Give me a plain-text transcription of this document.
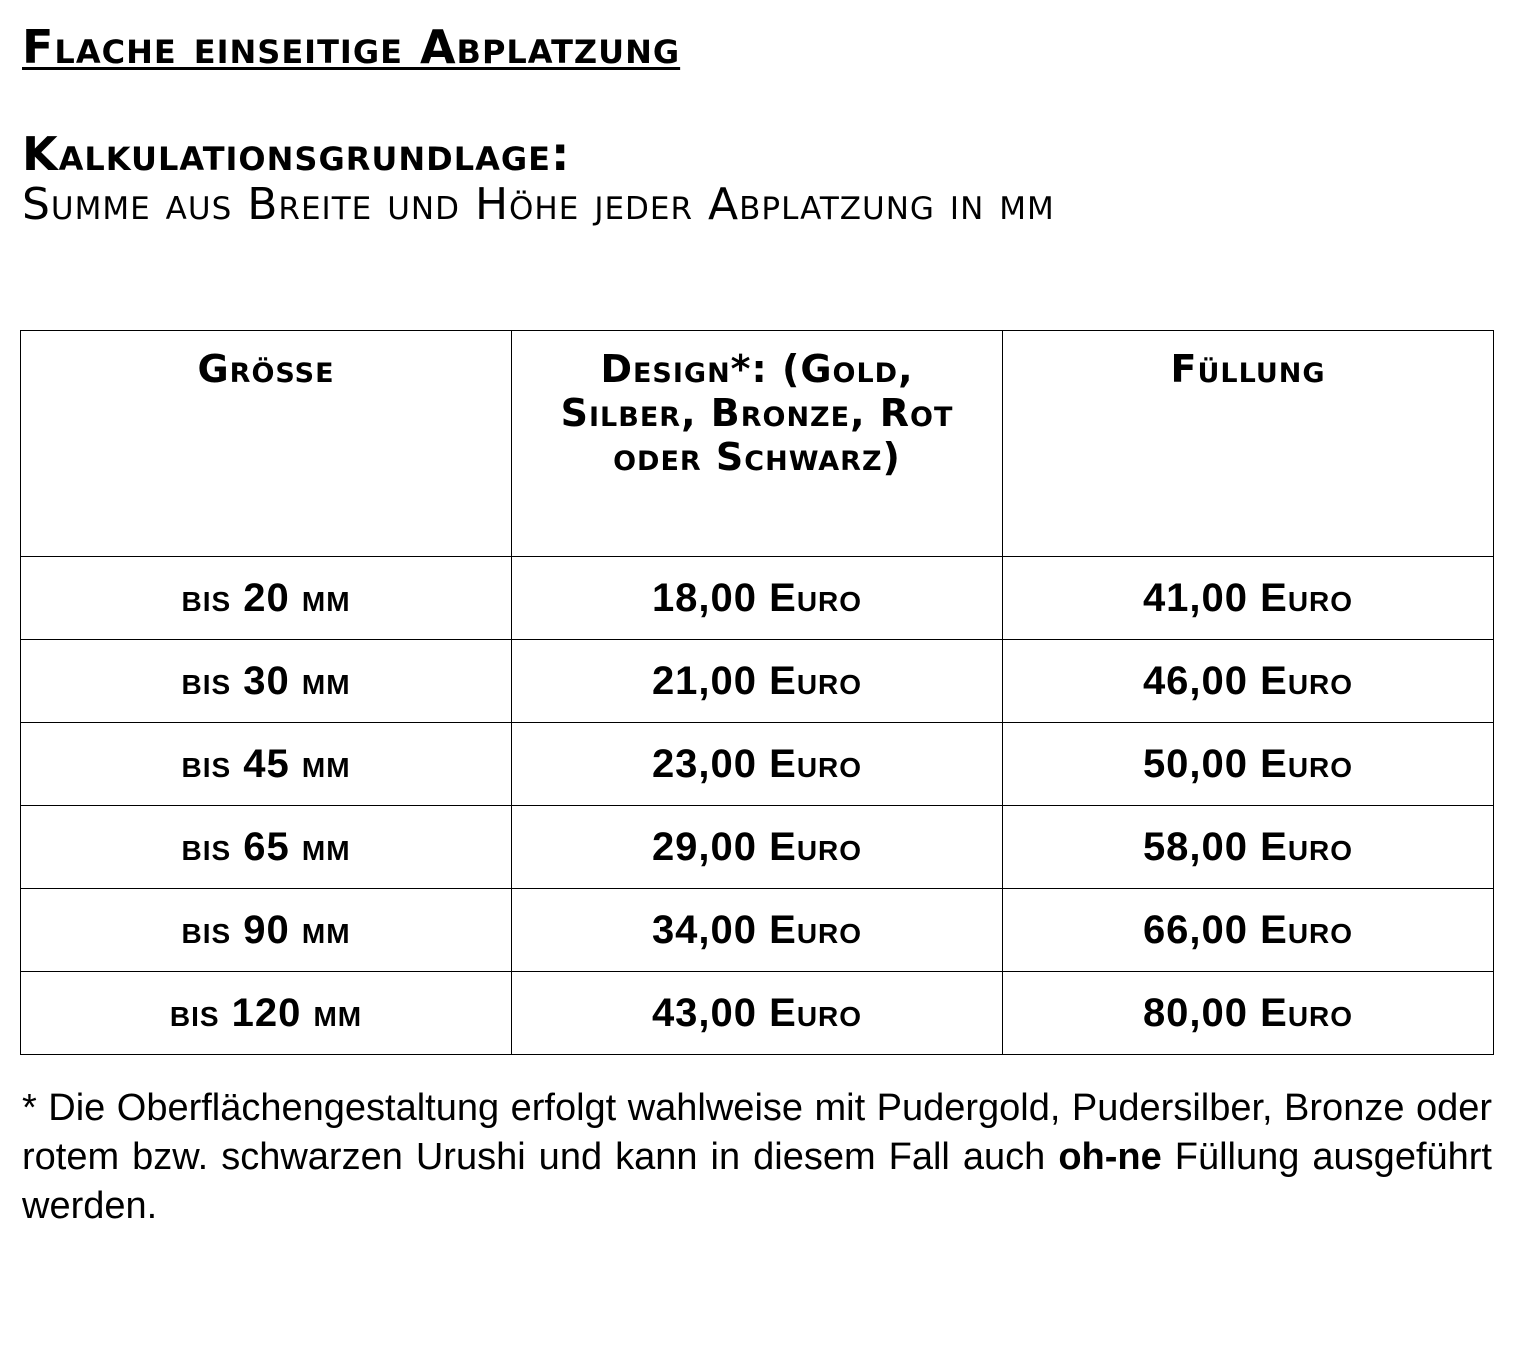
Flache einseitige Abplatzung
Kalkulationsgrundlage:

Summe aus Breite und Höhe jeder Abplatzung in mm

Grösse	Design*: (Gold, Silber, Bronze, Rot oder Schwarz)	Füllung
bis 20 mm	18,00 Euro	41,00 Euro
bis 30 mm	21,00 Euro	46,00 Euro
bis 45 mm	23,00 Euro	50,00 Euro
bis 65 mm	29,00 Euro	58,00 Euro
bis 90 mm	34,00 Euro	66,00 Euro
bis 120 mm	43,00 Euro	80,00 Euro

* Die Oberflächengestaltung erfolgt wahlweise mit Pudergold, Pudersilber, Bronze oder rotem bzw. schwarzen Urushi und kann in diesem Fall auch oh-ne Füllung ausgeführt werden.
